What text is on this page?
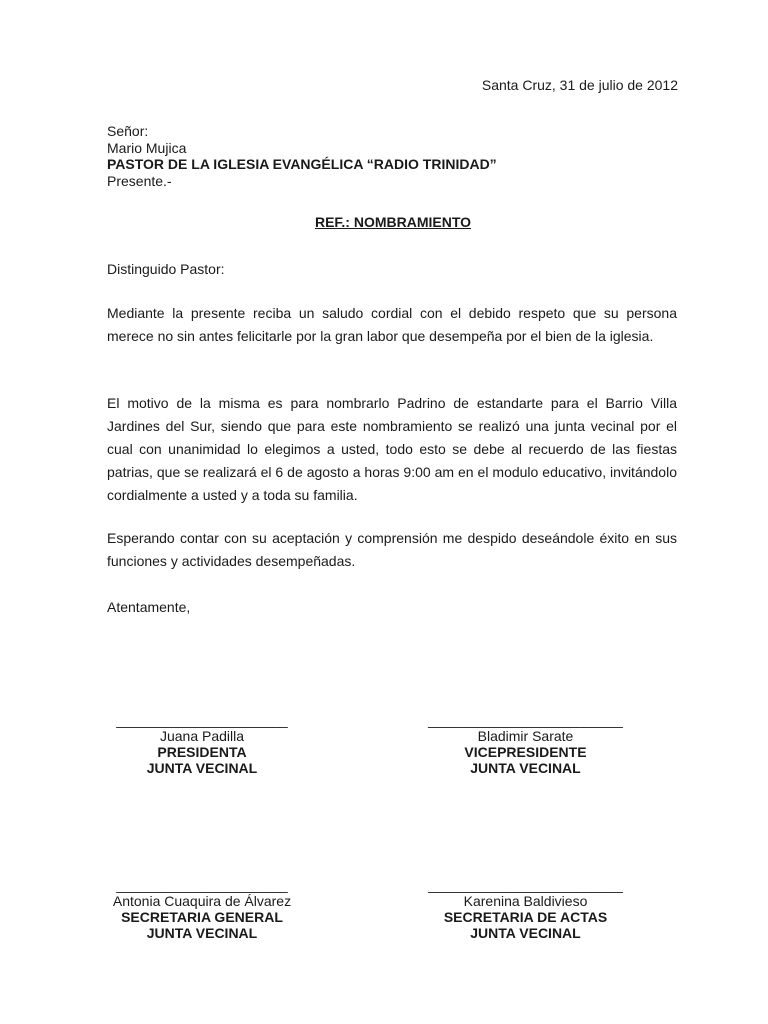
Santa Cruz, 31 de julio de 2012
Señor:
Mario Mujica
PASTOR DE LA IGLESIA EVANGÉLICA “RADIO TRINIDAD”
Presente.-
REF.: NOMBRAMIENTO
Distinguido Pastor:

Mediante la presente reciba un saludo cordial con el debido respeto que su persona merece no sin antes felicitarle por la gran labor que desempeña por el bien de la iglesia.

El motivo de la misma es para nombrarlo Padrino de estandarte para el Barrio Villa Jardines del Sur, siendo que para este nombramiento se realizó una junta vecinal por el cual con unanimidad lo elegimos a usted, todo esto se debe al recuerdo de las fiestas patrias, que se realizará el 6 de agosto a horas 9:00 am en el modulo educativo, invitándolo cordialmente a usted y a toda su familia.

Esperando contar con su aceptación y comprensión me despido deseándole éxito en sus funciones y actividades desempeñadas.

Atentamente,
______________________
Juana Padilla
PRESIDENTA
JUNTA VECINAL
_________________________
Bladimir Sarate
VICEPRESIDENTE
JUNTA VECINAL
______________________
Antonia Cuaquira de Álvarez
SECRETARIA GENERAL
JUNTA VECINAL
_________________________
Karenina Baldivieso
SECRETARIA DE ACTAS
JUNTA VECINAL
